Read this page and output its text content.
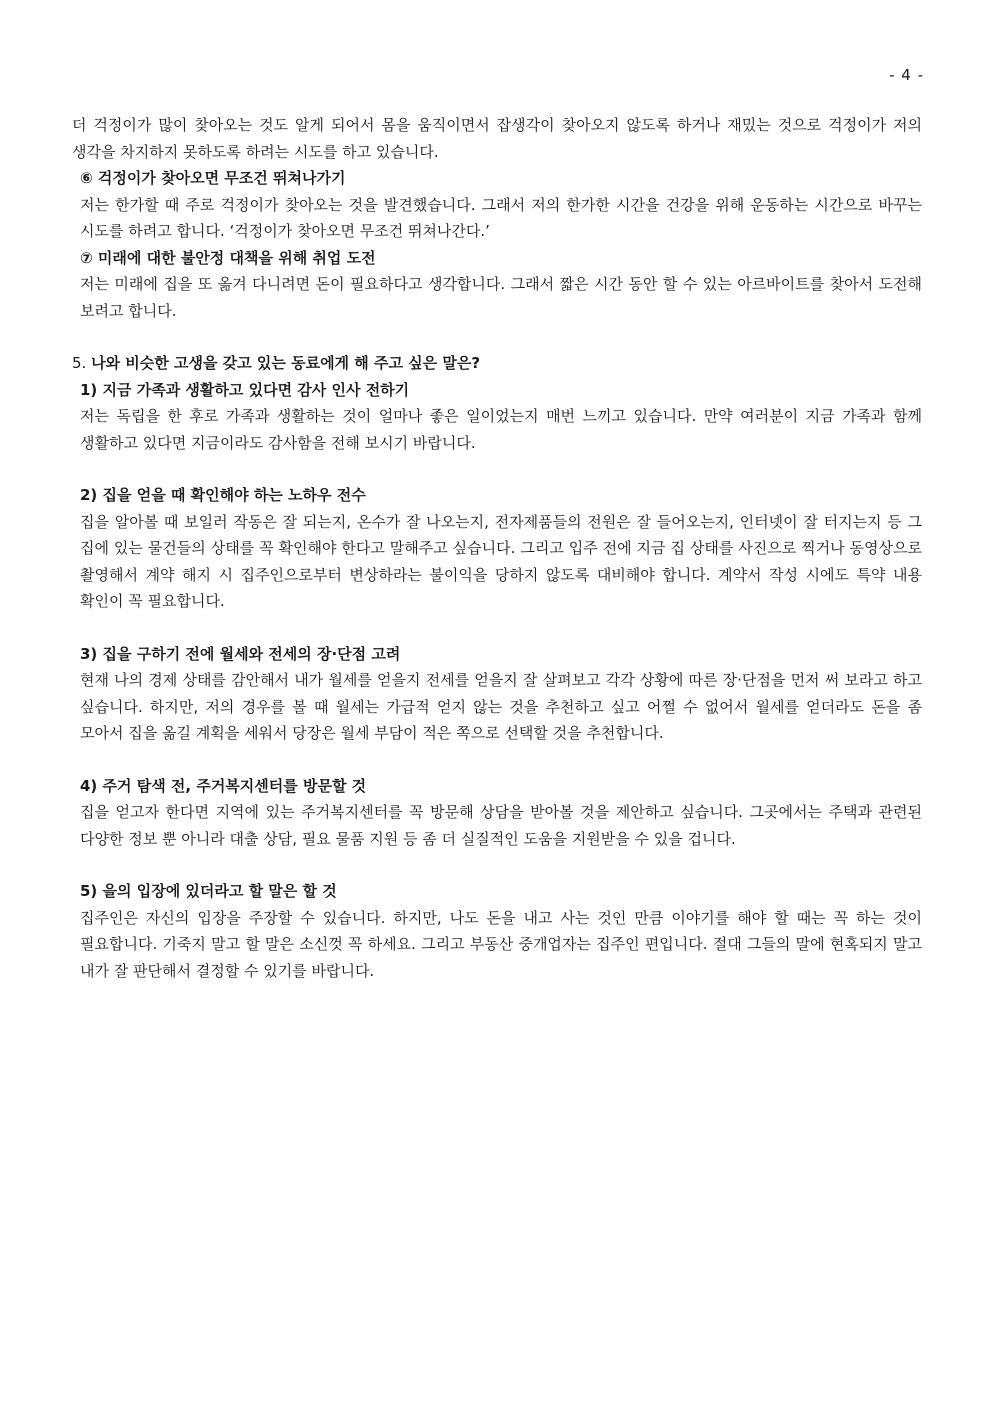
- 4 -

더 걱정이가 많이 찾아오는 것도 알게 되어서 몸을 움직이면서 잡생각이 찾아오지 않도록 하거나 재밌는 것으로 걱정이가 저의 생각을 차지하지 못하도록 하려는 시도를 하고 있습니다.

⑥ 걱정이가 찾아오면 무조건 뛰쳐나가기

저는 한가할 때 주로 걱정이가 찾아오는 것을 발견했습니다. 그래서 저의 한가한 시간을 건강을 위해 운동하는 시간으로 바꾸는 시도를 하려고 합니다. ‘걱정이가 찾아오면 무조건 뛰쳐나간다.’

⑦ 미래에 대한 불안정 대책을 위해 취업 도전

저는 미래에 집을 또 옮겨 다니려면 돈이 필요하다고 생각합니다. 그래서 짧은 시간 동안 할 수 있는 아르바이트를 찾아서 도전해 보려고 합니다.

5. 나와 비슷한 고생을 갖고 있는 동료에게 해 주고 싶은 말은?

1) 지금 가족과 생활하고 있다면 감사 인사 전하기

저는 독립을 한 후로 가족과 생활하는 것이 얼마나 좋은 일이었는지 매번 느끼고 있습니다. 만약 여러분이 지금 가족과 함께 생활하고 있다면 지금이라도 감사함을 전해 보시기 바랍니다.

2) 집을 얻을 때 확인해야 하는 노하우 전수

집을 알아볼 때 보일러 작동은 잘 되는지, 온수가 잘 나오는지, 전자제품들의 전원은 잘 들어오는지, 인터넷이 잘 터지는지 등 그 집에 있는 물건들의 상태를 꼭 확인해야 한다고 말해주고 싶습니다. 그리고 입주 전에 지금 집 상태를 사진으로 찍거나 동영상으로 촬영해서 계약 해지 시 집주인으로부터 변상하라는 불이익을 당하지 않도록 대비해야 합니다. 계약서 작성 시에도 특약 내용 확인이 꼭 필요합니다.

3) 집을 구하기 전에 월세와 전세의 장·단점 고려

현재 나의 경제 상태를 감안해서 내가 월세를 얻을지 전세를 얻을지 잘 살펴보고 각각 상황에 따른 장·단점을 먼저 써 보라고 하고 싶습니다. 하지만, 저의 경우를 볼 때 월세는 가급적 얻지 않는 것을 추천하고 싶고 어쩔 수 없어서 월세를 얻더라도 돈을 좀 모아서 집을 옮길 계획을 세워서 당장은 월세 부담이 적은 쪽으로 선택할 것을 추천합니다.

4) 주거 탐색 전, 주거복지센터를 방문할 것

집을 얻고자 한다면 지역에 있는 주거복지센터를 꼭 방문해 상담을 받아볼 것을 제안하고 싶습니다. 그곳에서는 주택과 관련된 다양한 정보 뿐 아니라 대출 상담, 필요 물품 지원 등 좀 더 실질적인 도움을 지원받을 수 있을 겁니다.

5) 을의 입장에 있더라고 할 말은 할 것

집주인은 자신의 입장을 주장할 수 있습니다. 하지만, 나도 돈을 내고 사는 것인 만큼 이야기를 해야 할 때는 꼭 하는 것이 필요합니다. 기죽지 말고 할 말은 소신껏 꼭 하세요. 그리고 부동산 중개업자는 집주인 편입니다. 절대 그들의 말에 현혹되지 말고 내가 잘 판단해서 결정할 수 있기를 바랍니다.
